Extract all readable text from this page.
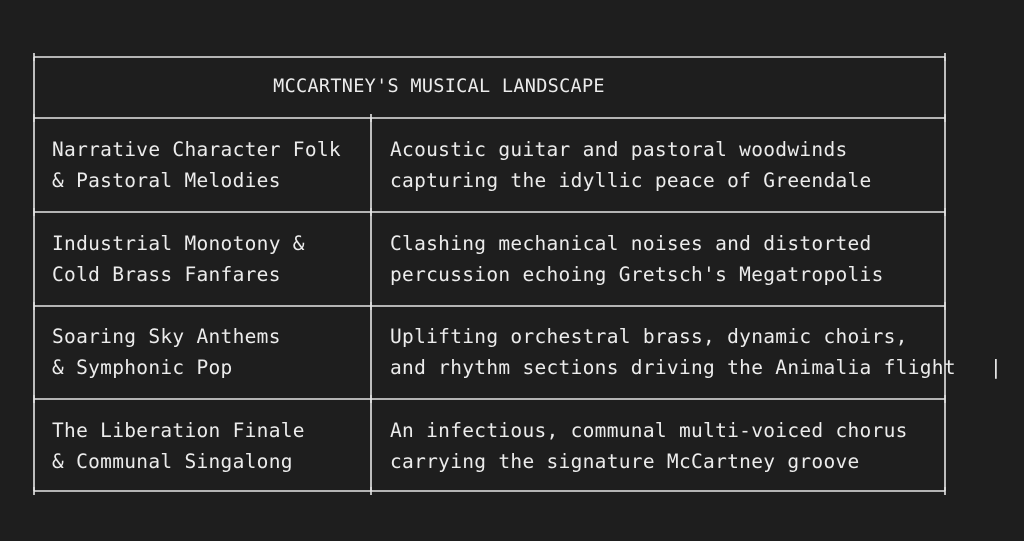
MCCARTNEY'S MUSICAL LANDSCAPE
Narrative Character Folk
& Pastoral Melodies
Acoustic guitar and pastoral woodwinds
capturing the idyllic peace of Greendale
Industrial Monotony &
Cold Brass Fanfares
Clashing mechanical noises and distorted
percussion echoing Gretsch's Megatropolis
Soaring Sky Anthems
& Symphonic Pop
Uplifting orchestral brass, dynamic choirs,
and rhythm sections driving the Animalia flight |
The Liberation Finale
& Communal Singalong
An infectious, communal multi-voiced chorus
carrying the signature McCartney groove
